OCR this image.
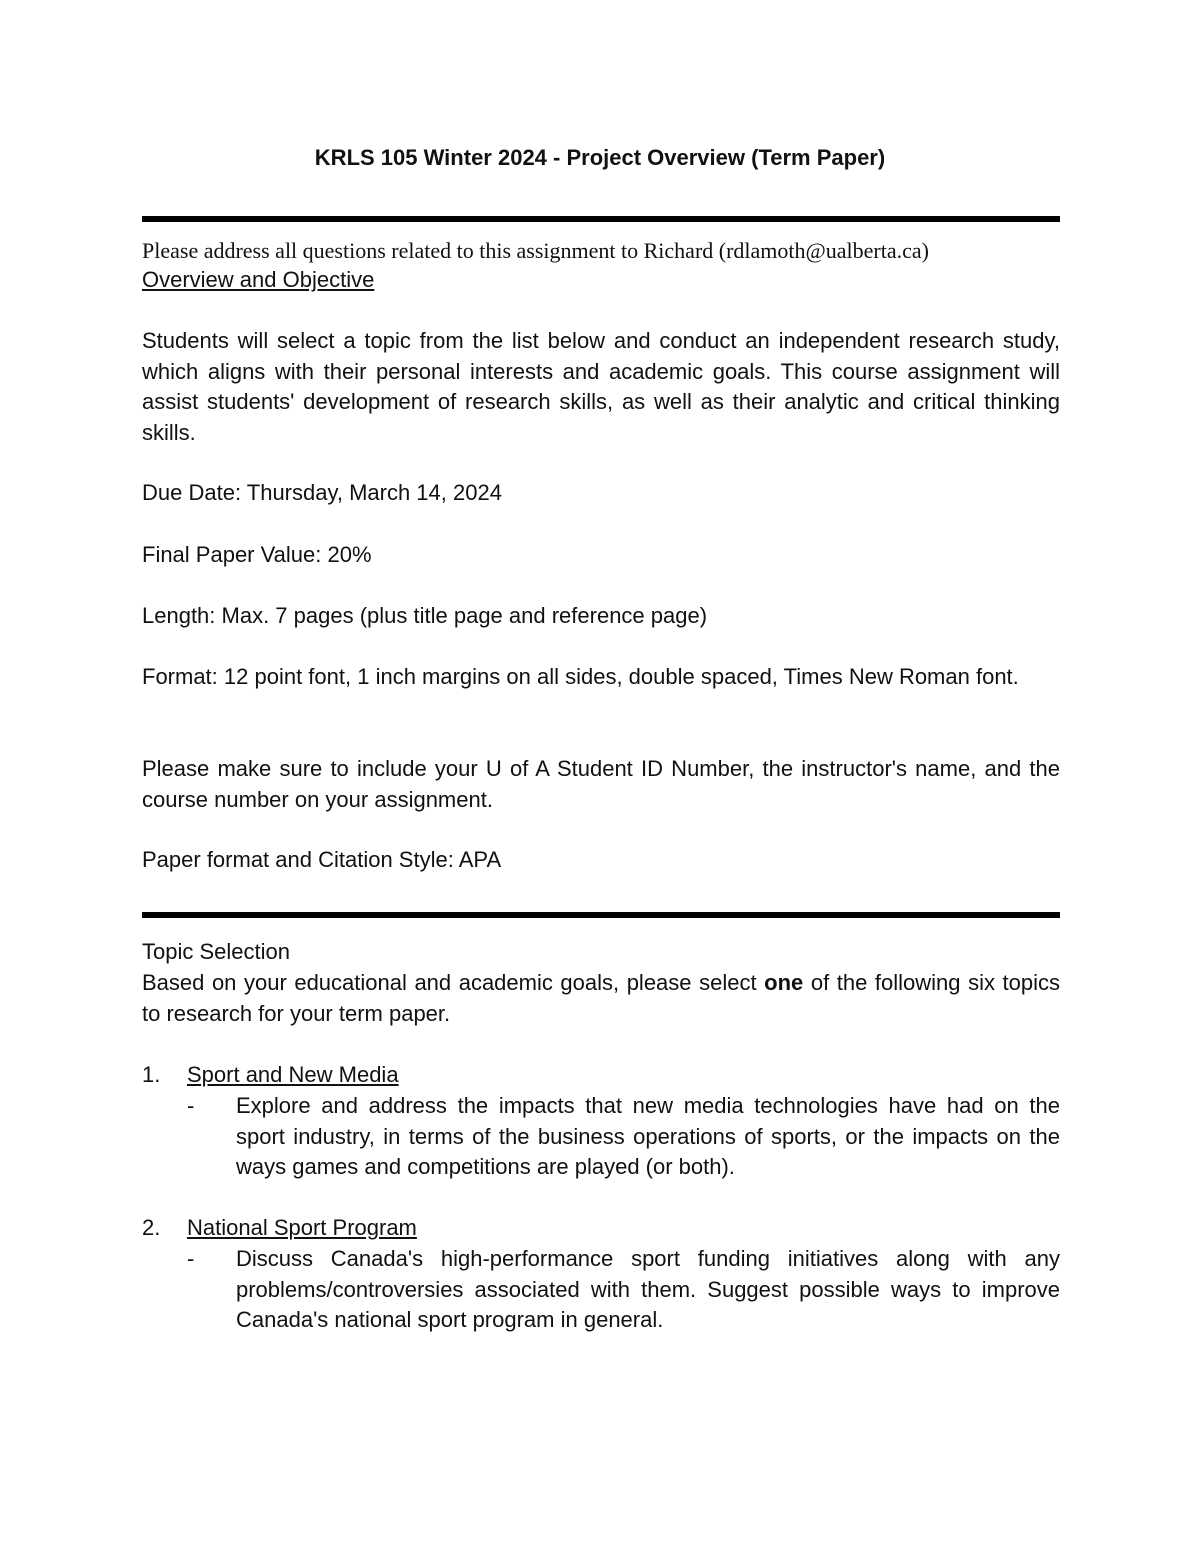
KRLS 105 Winter 2024 - Project Overview (Term Paper)
Please address all questions related to this assignment to Richard (rdlamoth@ualberta.ca)
Overview and Objective
Students will select a topic from the list below and conduct an independent research study, which aligns with their personal interests and academic goals. This course assignment will assist students' development of research skills, as well as their analytic and critical thinking skills.
Due Date: Thursday, March 14, 2024
Final Paper Value: 20%
Length: Max. 7 pages (plus title page and reference page)
Format: 12 point font, 1 inch margins on all sides, double spaced, Times New Roman font.
Please make sure to include your U of A Student ID Number, the instructor's name, and the course number on your assignment.
Paper format and Citation Style: APA
Topic Selection
Based on your educational and academic goals, please select one of the following six topics to research for your term paper.
1.	Sport and New Media
-	Explore and address the impacts that new media technologies have had on the sport industry, in terms of the business operations of sports, or the impacts on the ways games and competitions are played (or both).
2.	National Sport Program
-	Discuss Canada's high-performance sport funding initiatives along with any problems/controversies associated with them. Suggest possible ways to improve Canada's national sport program in general.
